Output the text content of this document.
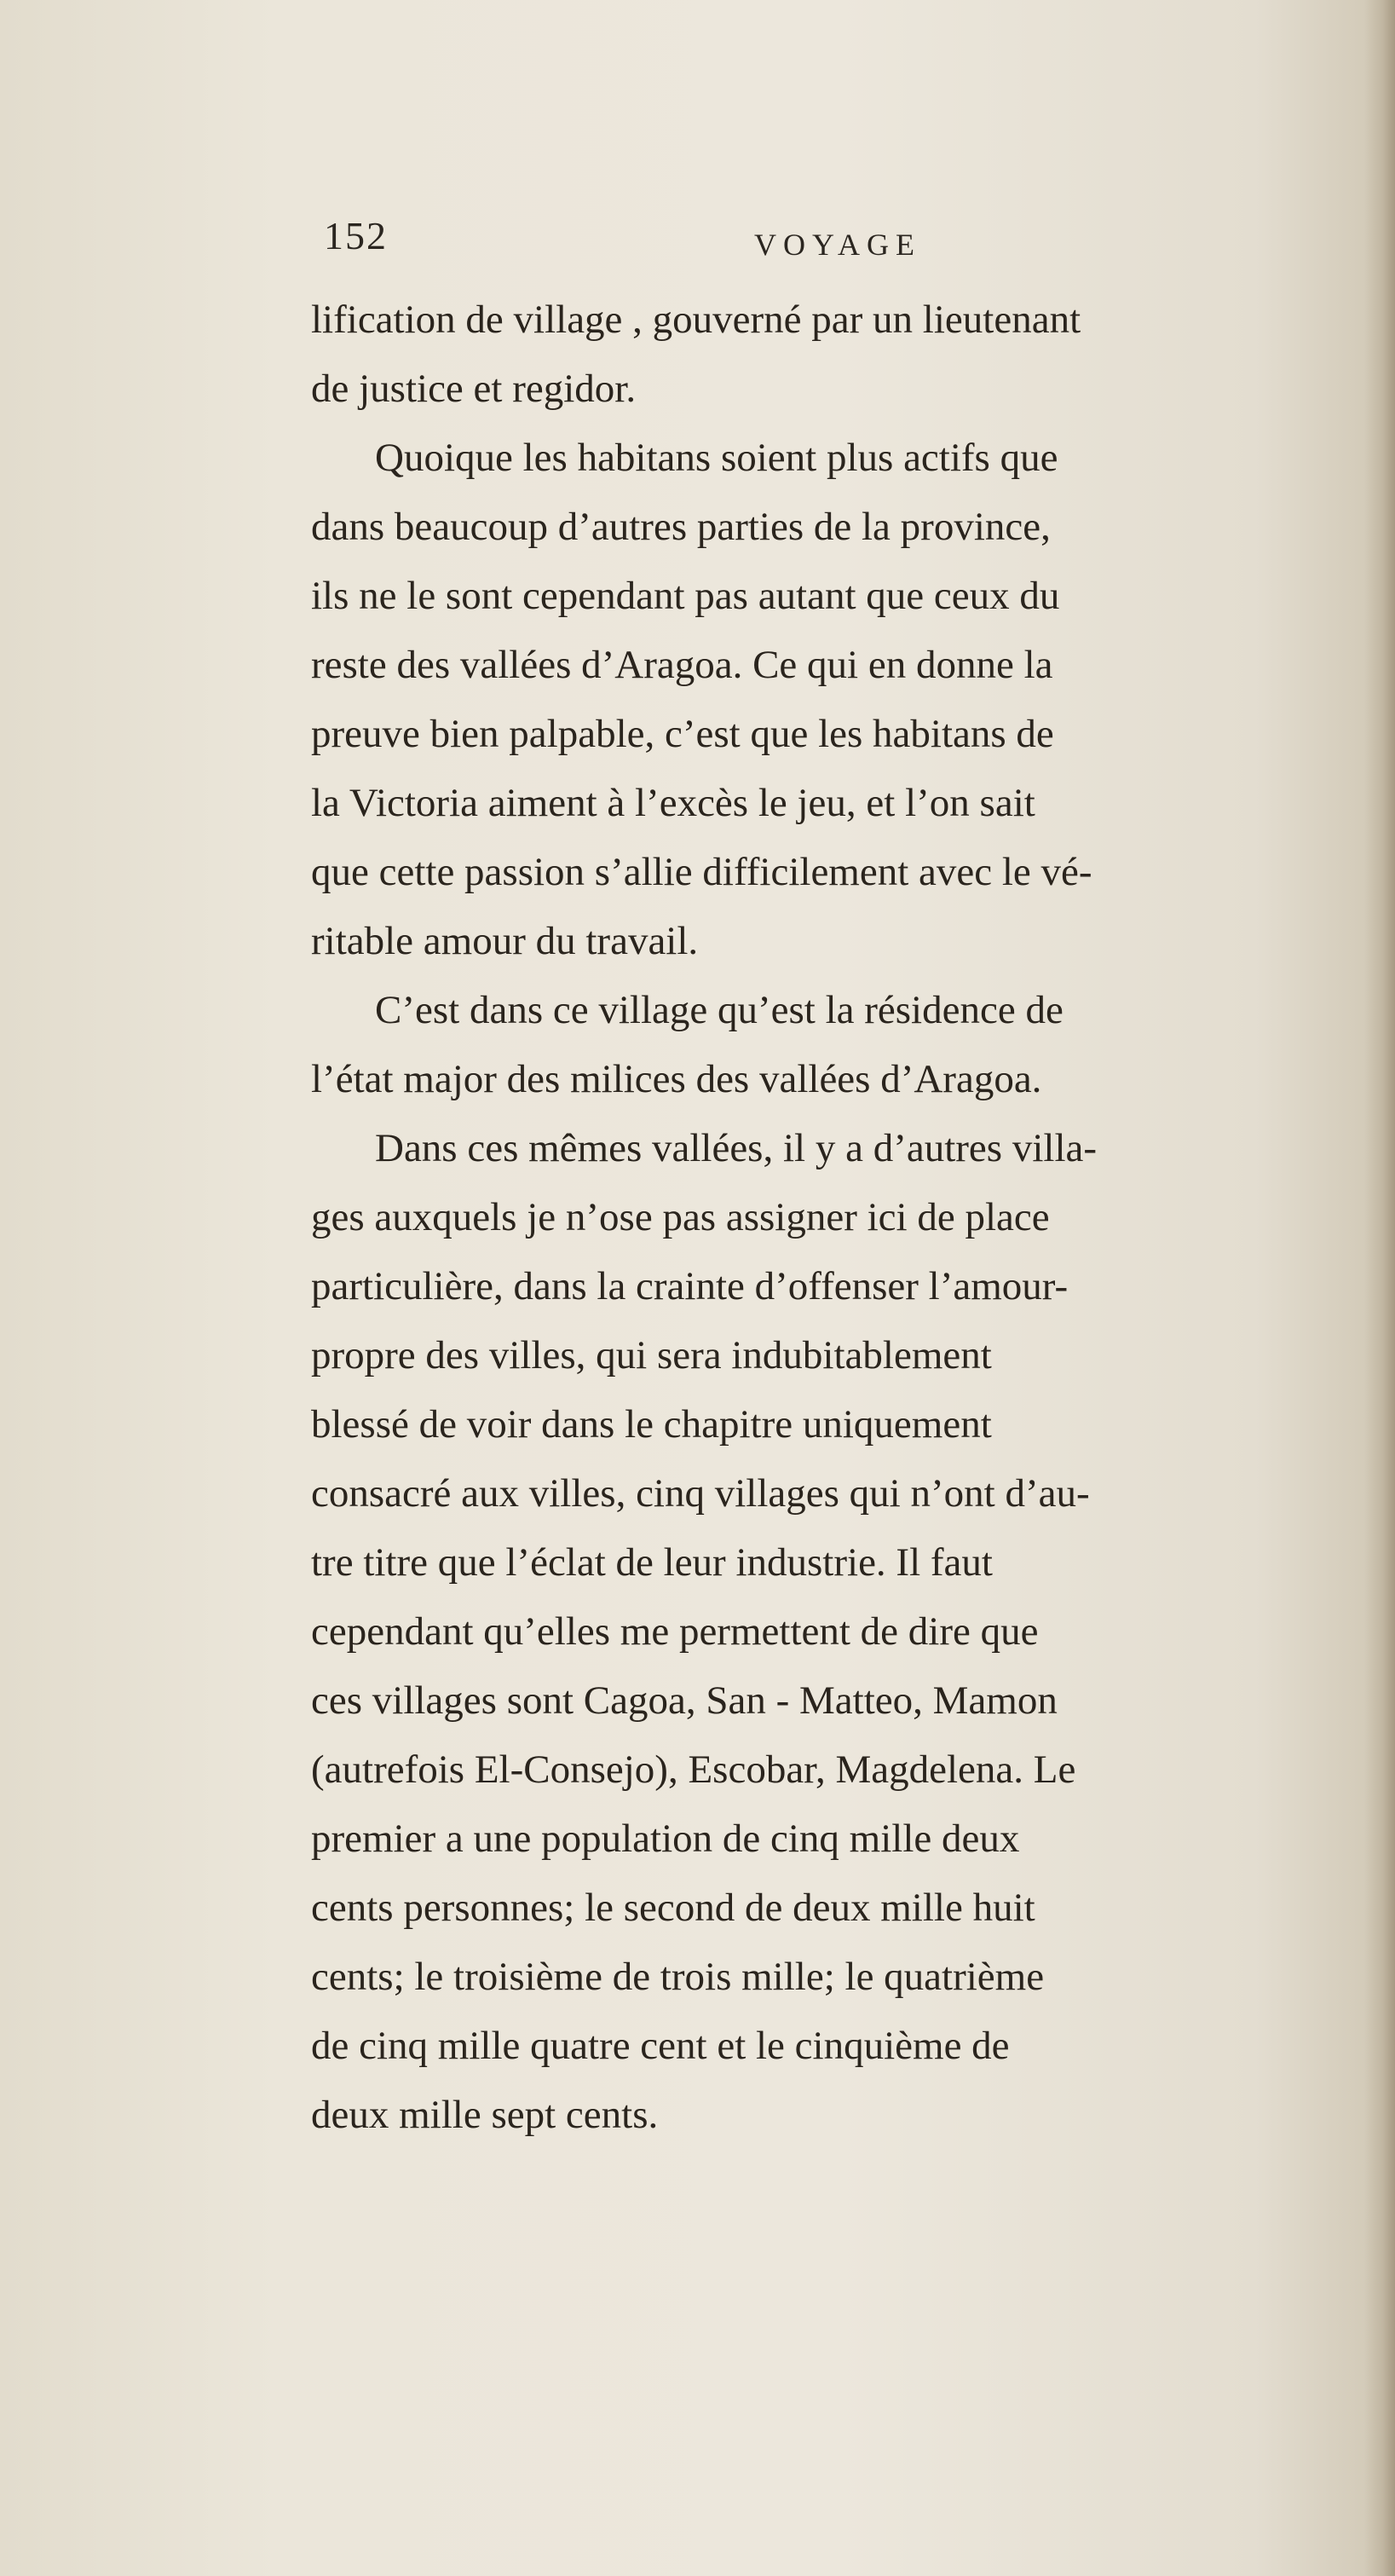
152	VOYAGE
lification de village , gouverné par un lieutenant
de justice et regidor.
Quoique les habitans soient plus actifs que
dans beaucoup d’autres parties de la province,
ils ne le sont cependant pas autant que ceux du
reste des vallées d’Aragoa. Ce qui en donne la
preuve bien palpable, c’est que les habitans de
la Victoria aiment à l’excès le jeu, et l’on sait
que cette passion s’allie difficilement avec le vé-
ritable amour du travail.
C’est dans ce village qu’est la résidence de
l’état major des milices des vallées d’Aragoa.
Dans ces mêmes vallées, il y a d’autres villa-
ges auxquels je n’ose pas assigner ici de place
particulière, dans la crainte d’offenser l’amour-
propre des villes, qui sera indubitablement
blessé de voir dans le chapitre uniquement
consacré aux villes, cinq villages qui n’ont d’au-
tre titre que l’éclat de leur industrie. Il faut
cependant qu’elles me permettent de dire que
ces villages sont Cagoa, San - Matteo, Mamon
(autrefois El-Consejo), Escobar, Magdelena. Le
premier a une population de cinq mille deux
cents personnes; le second de deux mille huit
cents; le troisième de trois mille; le quatrième
de cinq mille quatre cent et le cinquième de
deux mille sept cents.
